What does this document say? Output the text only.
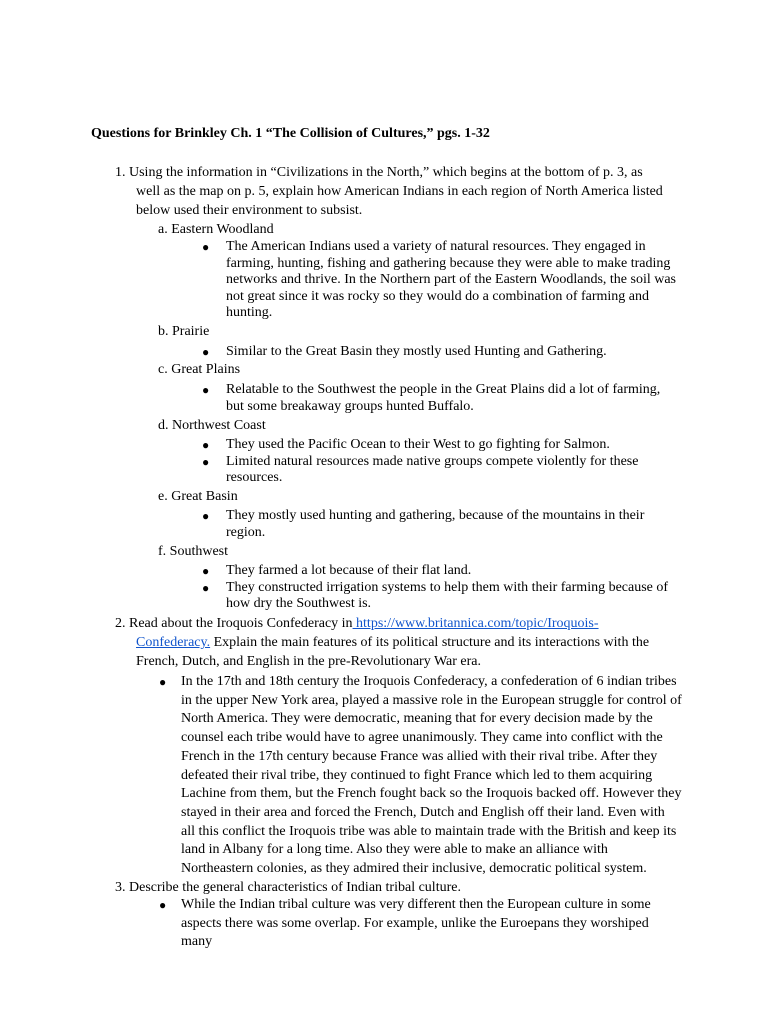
Questions for Brinkley Ch. 1 “The Collision of Cultures,” pgs. 1-32
1. Using the information in “Civilizations in the North,” which begins at the bottom of p. 3, as well as the map on p. 5, explain how American Indians in each region of North America listed below used their environment to subsist.
a. Eastern Woodland
● The American Indians used a variety of natural resources. They engaged in farming, hunting, fishing and gathering because they were able to make trading networks and thrive. In the Northern part of the Eastern Woodlands, the soil was not great since it was rocky so they would do a combination of farming and hunting.
b. Prairie
● Similar to the Great Basin they mostly used Hunting and Gathering.
c. Great Plains
● Relatable to the Southwest the people in the Great Plains did a lot of farming, but some breakaway groups hunted Buffalo.
d. Northwest Coast
● They used the Pacific Ocean to their West to go fighting for Salmon.
● Limited natural resources made native groups compete violently for these resources.
e. Great Basin
● They mostly used hunting and gathering, because of the mountains in their region.
f. Southwest
● They farmed a lot because of their flat land.
● They constructed irrigation systems to help them with their farming because of how dry the Southwest is.
2. Read about the Iroquois Confederacy in https://www.britannica.com/topic/Iroquois-Confederacy. Explain the main features of its political structure and its interactions with the French, Dutch, and English in the pre-Revolutionary War era.
● In the 17th and 18th century the Iroquois Confederacy, a confederation of 6 indian tribes in the upper New York area, played a massive role in the European struggle for control of North America. They were democratic, meaning that for every decision made by the counsel each tribe would have to agree unanimously. They came into conflict with the French in the 17th century because France was allied with their rival tribe. After they defeated their rival tribe, they continued to fight France which led to them acquiring Lachine from them, but the French fought back so the Iroquois backed off. However they stayed in their area and forced the French, Dutch and English off their land. Even with all this conflict the Iroquois tribe was able to maintain trade with the British and keep its land in Albany for a long time. Also they were able to make an alliance with Northeastern colonies, as they admired their inclusive, democratic political system.
3. Describe the general characteristics of Indian tribal culture.
● While the Indian tribal culture was very different then the European culture in some aspects there was some overlap. For example, unlike the Euroepans they worshiped many
